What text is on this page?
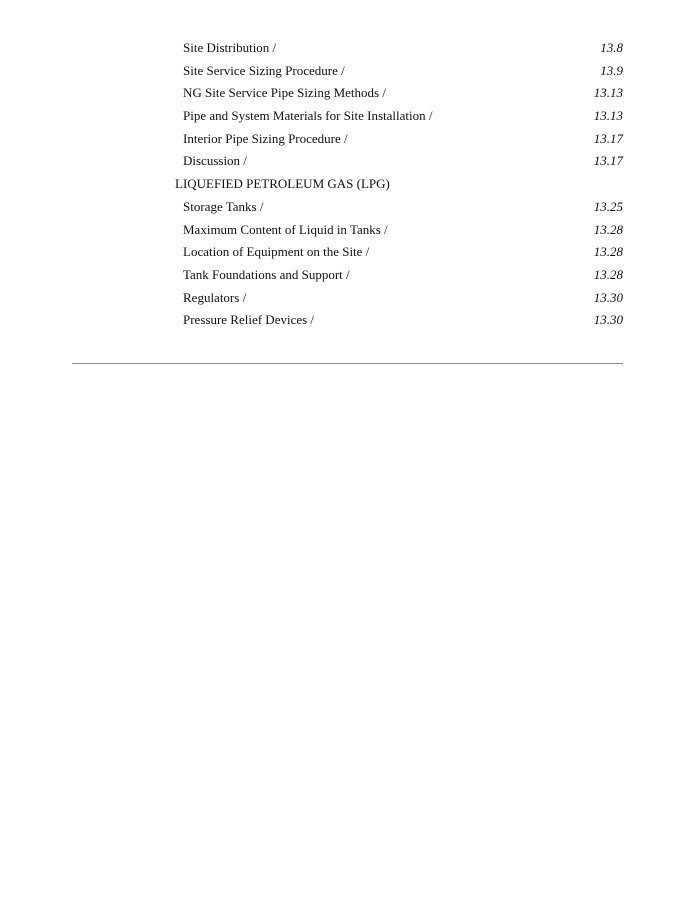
Site Distribution /	13.8
Site Service Sizing Procedure /	13.9
NG Site Service Pipe Sizing Methods /	13.13
Pipe and System Materials for Site Installation /	13.13
Interior Pipe Sizing Procedure /	13.17
Discussion /	13.17
LIQUEFIED PETROLEUM GAS (LPG)
Storage Tanks /	13.25
Maximum Content of Liquid in Tanks /	13.28
Location of Equipment on the Site /	13.28
Tank Foundations and Support /	13.28
Regulators /	13.30
Pressure Relief Devices /	13.30
